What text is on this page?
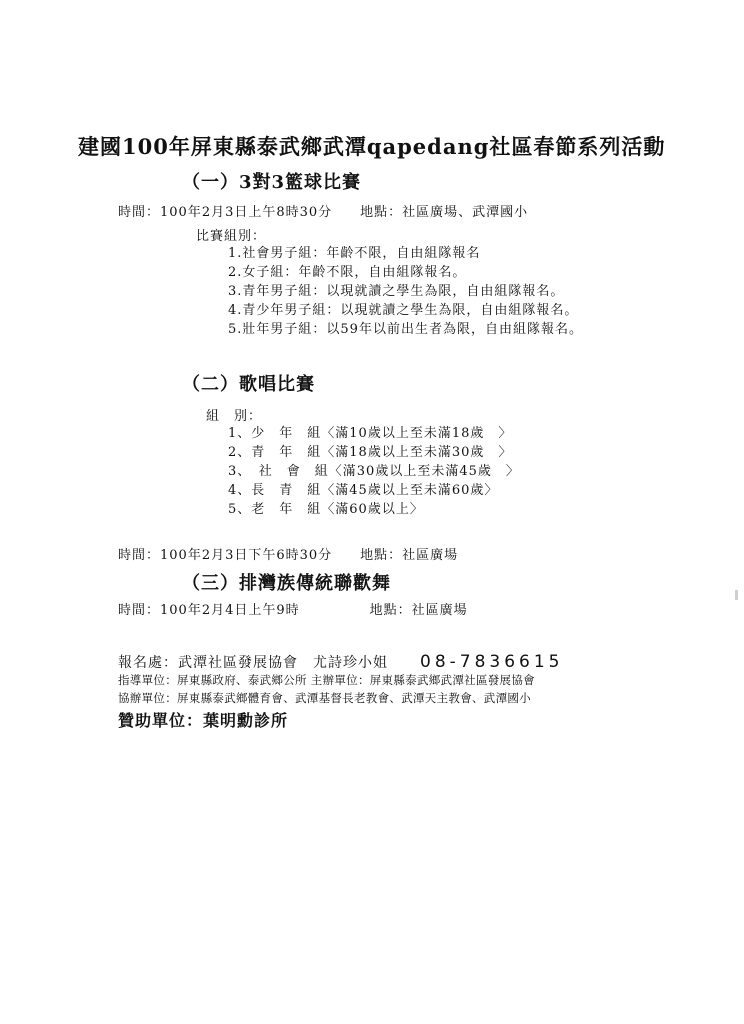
建國100年屏東縣泰武鄉武潭qapedang社區春節系列活動
（一）3對3籃球比賽
時間：100年2月3日上午8時30分　　地點：社區廣場、武潭國小
比賽組別：
1.社會男子組：年齡不限，自由組隊報名
2.女子組：年齡不限，自由組隊報名。
3.青年男子組：以現就讀之學生為限，自由組隊報名。
4.青少年男子組：以現就讀之學生為限，自由組隊報名。
5.壯年男子組：以59年以前出生者為限，自由組隊報名。
（二）歌唱比賽
組　別：
1、少　年　組〈滿10歲以上至未滿18歲　〉
2、青　年　組〈滿18歲以上至未滿30歲　〉
3、　社　會　組〈滿30歲以上至未滿45歲　〉
4、長　青　組〈滿45歲以上至未滿60歲〉
5、老　年　組〈滿60歲以上〉
時間：100年2月3日下午6時30分　　地點：社區廣場
（三）排灣族傳統聯歡舞
時間：100年2月4日上午9時　　　　　地點：社區廣場
報名處：武潭社區發展協會　尤詩珍小姐 08-7836615
指導單位：屏東縣政府、泰武鄉公所 主辦單位：屏東縣泰武鄉武潭社區發展協會
協辦單位：屏東縣泰武鄉體育會、武潭基督長老教會、武潭天主教會、武潭國小
贊助單位：葉明勳診所
